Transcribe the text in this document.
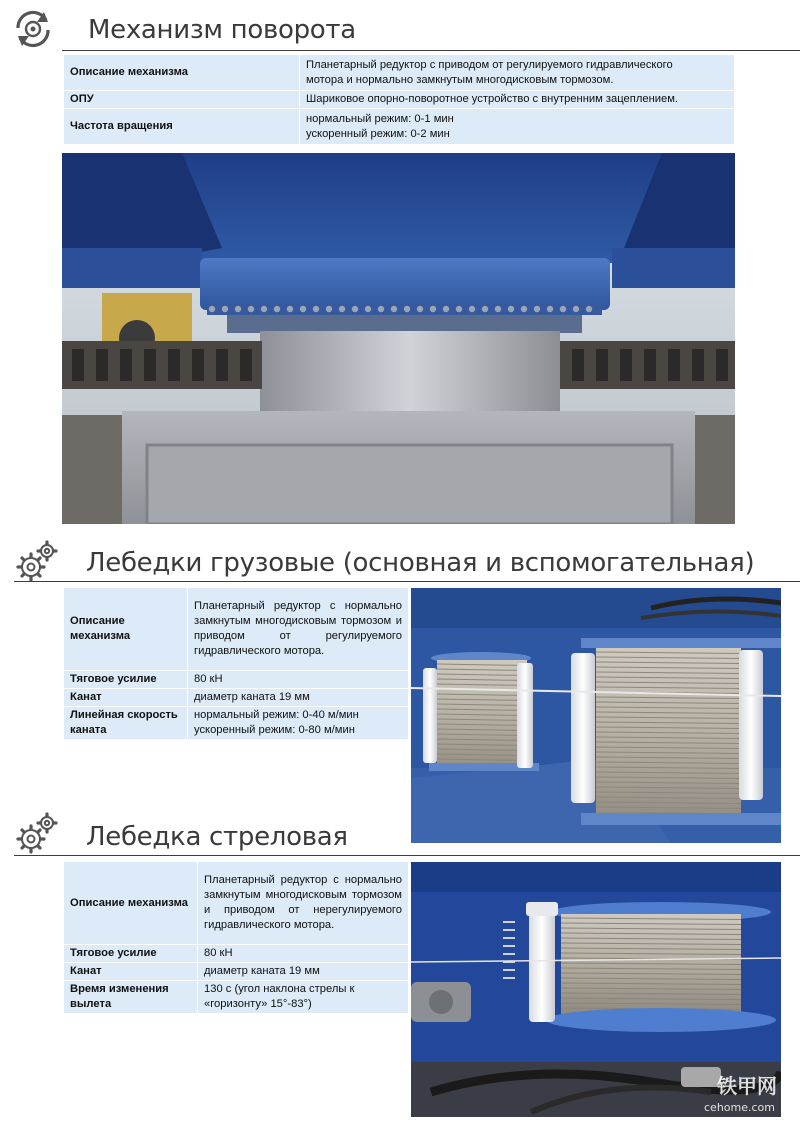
Механизм поворота
Описание механизма	Планетарный редуктор с приводом от регулируемого гидравлического
мотора и нормально замкнутым многодисковым тормозом.

ОПУ	Шариковое опорно-поворотное устройство с внутренним зацеплением.
Частота вращения	нормальный режим: 0-1 мин
ускоренный режим: 0-2 мин
Лебедки грузовые (основная и вспомогательная)
Описание механизма	Планетарный редуктор с нормально замкнутым многодисковым тормозом и приводом от регулируемого гидравлического мотора.
Тяговое усилие	80 кН
Канат	диаметр каната 19 мм
Линейная скорость каната	нормальный режим: 0-40 м/мин
ускоренный режим: 0-80 м/мин
Лебедка стреловая
Описание механизма	Планетарный редуктор с нормально замкнутым многодисковым тормозом и приводом от нерегулируемого гидравлического мотора.
Тяговое усилие	80 кН
Канат	диаметр каната 19 мм
Время изменения вылета	130 с (угол наклона стрелы к
«горизонту» 15°-83°)
铁甲网
cehome.com
